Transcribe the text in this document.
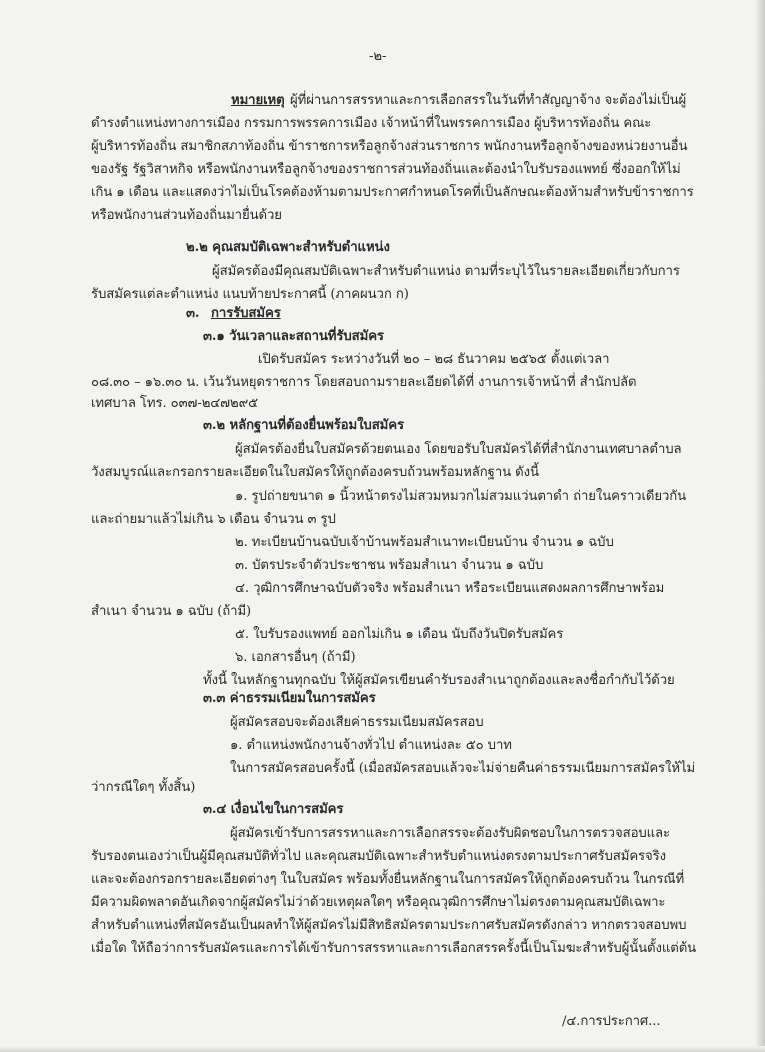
-๒-
หมายเหตุ ผู้ที่ผ่านการสรรหาและการเลือกสรรในวันที่ทำสัญญาจ้าง จะต้องไม่เป็นผู้
ดำรงตำแหน่งทางการเมือง กรรมการพรรคการเมือง เจ้าหน้าที่ในพรรคการเมือง ผู้บริหารท้องถิ่น คณะ
ผู้บริหารท้องถิ่น สมาชิกสภาท้องถิ่น ข้าราชการหรือลูกจ้างส่วนราชการ พนักงานหรือลูกจ้างของหน่วยงานอื่น
ของรัฐ รัฐวิสาหกิจ หรือพนักงานหรือลูกจ้างของราชการส่วนท้องถิ่นและต้องนำใบรับรองแพทย์ ซึ่งออกให้ไม่
เกิน ๑ เดือน และแสดงว่าไม่เป็นโรคต้องห้ามตามประกาศกำหนดโรคที่เป็นลักษณะต้องห้ามสำหรับข้าราชการ
หรือพนักงานส่วนท้องถิ่นมายื่นด้วย
๒.๒ คุณสมบัติเฉพาะสำหรับตำแหน่ง
ผู้สมัครต้องมีคุณสมบัติเฉพาะสำหรับตำแหน่ง ตามที่ระบุไว้ในรายละเอียดเกี่ยวกับการ
รับสมัครแต่ละตำแหน่ง แนบท้ายประกาศนี้ (ภาคผนวก ก)
๓. การรับสมัคร
๓.๑ วันเวลาและสถานที่รับสมัคร
เปิดรับสมัคร ระหว่างวันที่ ๒๐ – ๒๘ ธันวาคม ๒๕๖๕ ตั้งแต่เวลา
๐๘.๓๐ – ๑๖.๓๐ น. เว้นวันหยุดราชการ โดยสอบถามรายละเอียดได้ที่ งานการเจ้าหน้าที่ สำนักปลัด
เทศบาล โทร. ๐๓๗-๒๔๗๒๙๕
๓.๒ หลักฐานที่ต้องยื่นพร้อมใบสมัคร
ผู้สมัครต้องยื่นใบสมัครด้วยตนเอง โดยขอรับใบสมัครได้ที่สำนักงานเทศบาลตำบล
วังสมบูรณ์และกรอกรายละเอียดในใบสมัครให้ถูกต้องครบถ้วนพร้อมหลักฐาน ดังนี้
๑. รูปถ่ายขนาด ๑ นิ้วหน้าตรงไม่สวมหมวกไม่สวมแว่นตาดำ ถ่ายในคราวเดียวกัน
และถ่ายมาแล้วไม่เกิน ๖ เดือน จำนวน ๓ รูป
๒. ทะเบียนบ้านฉบับเจ้าบ้านพร้อมสำเนาทะเบียนบ้าน จำนวน ๑ ฉบับ
๓. บัตรประจำตัวประชาชน พร้อมสำเนา จำนวน ๑ ฉบับ
๔. วุฒิการศึกษาฉบับตัวจริง พร้อมสำเนา หรือระเบียนแสดงผลการศึกษาพร้อม
สำเนา จำนวน ๑ ฉบับ (ถ้ามี)
๕. ใบรับรองแพทย์ ออกไม่เกิน ๑ เดือน นับถึงวันปิดรับสมัคร
๖. เอกสารอื่นๆ (ถ้ามี)
ทั้งนี้ ในหลักฐานทุกฉบับ ให้ผู้สมัครเขียนคำรับรองสำเนาถูกต้องและลงชื่อกำกับไว้ด้วย
๓.๓ ค่าธรรมเนียมในการสมัคร
ผู้สมัครสอบจะต้องเสียค่าธรรมเนียมสมัครสอบ
๑. ตำแหน่งพนักงานจ้างทั่วไป ตำแหน่งละ ๕๐ บาท
ในการสมัครสอบครั้งนี้ (เมื่อสมัครสอบแล้วจะไม่จ่ายคืนค่าธรรมเนียมการสมัครให้ไม่
ว่ากรณีใดๆ ทั้งสิ้น)
๓.๔ เงื่อนไขในการสมัคร
ผู้สมัครเข้ารับการสรรหาและการเลือกสรรจะต้องรับผิดชอบในการตรวจสอบและ
รับรองตนเองว่าเป็นผู้มีคุณสมบัติทั่วไป และคุณสมบัติเฉพาะสำหรับตำแหน่งตรงตามประกาศรับสมัครจริง
และจะต้องกรอกรายละเอียดต่างๆ ในใบสมัคร พร้อมทั้งยื่นหลักฐานในการสมัครให้ถูกต้องครบถ้วน ในกรณีที่
มีความผิดพลาดอันเกิดจากผู้สมัครไม่ว่าด้วยเหตุผลใดๆ หรือคุณวุฒิการศึกษาไม่ตรงตามคุณสมบัติเฉพาะ
สำหรับตำแหน่งที่สมัครอันเป็นผลทำให้ผู้สมัครไม่มีสิทธิสมัครตามประกาศรับสมัครดังกล่าว หากตรวจสอบพบ
เมื่อใด ให้ถือว่าการรับสมัครและการได้เข้ารับการสรรหาและการเลือกสรรครั้งนี้เป็นโมฆะสำหรับผู้นั้นตั้งแต่ต้น
/๔.การประกาศ...
